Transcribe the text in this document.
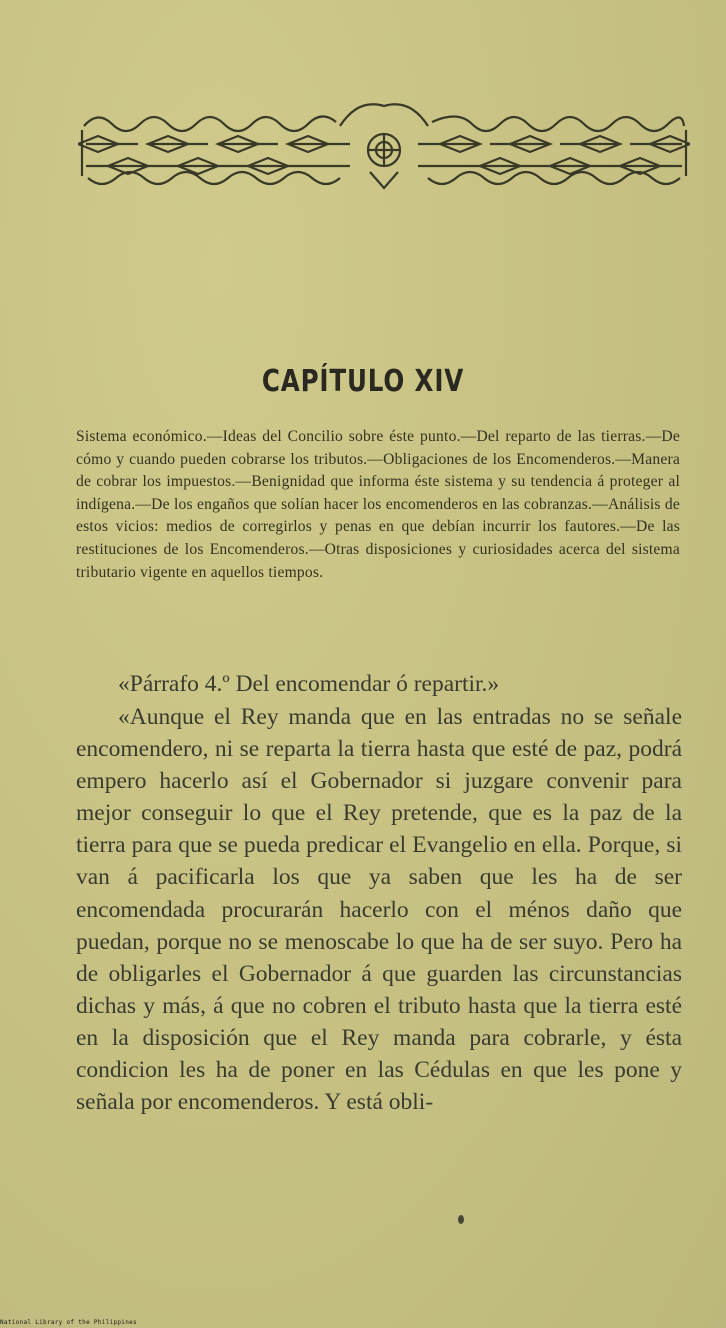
CAPÍTULO XIV
Sistema económico.—Ideas del Concilio sobre éste punto.—Del reparto de las tierras.—De cómo y cuando pueden cobrarse los tributos.—Obligaciones de los Encomenderos.—Manera de cobrar los impuestos.—Benignidad que informa éste sistema y su tendencia á proteger al indígena.—De los engaños que solían hacer los encomenderos en las cobranzas.—Análisis de estos vicios: medios de corregirlos y penas en que debían incurrir los fautores.—De las restituciones de los Encomenderos.—Otras disposiciones y curiosidades acerca del sistema tributario vigente en aquellos tiempos.
«Párrafo 4.º Del encomendar ó repartir.»
«Aunque el Rey manda que en las entradas no se señale encomendero, ni se reparta la tierra hasta que esté de paz, podrá empero hacerlo así el Gobernador si juzgare convenir para mejor conseguir lo que el Rey pretende, que es la paz de la tierra para que se pueda predicar el Evangelio en ella. Porque, si van á pacificarla los que ya saben que les ha de ser encomendada procurarán hacerlo con el ménos daño que puedan, porque no se menoscabe lo que ha de ser suyo. Pero ha de obligarles el Gobernador á que guarden las circunstancias dichas y más, á que no cobren el tributo hasta que la tierra esté en la disposición que el Rey manda para cobrarle, y ésta condicion les ha de poner en las Cédulas en que les pone y señala por encomenderos. Y está obli-
National Library of the Philippines
